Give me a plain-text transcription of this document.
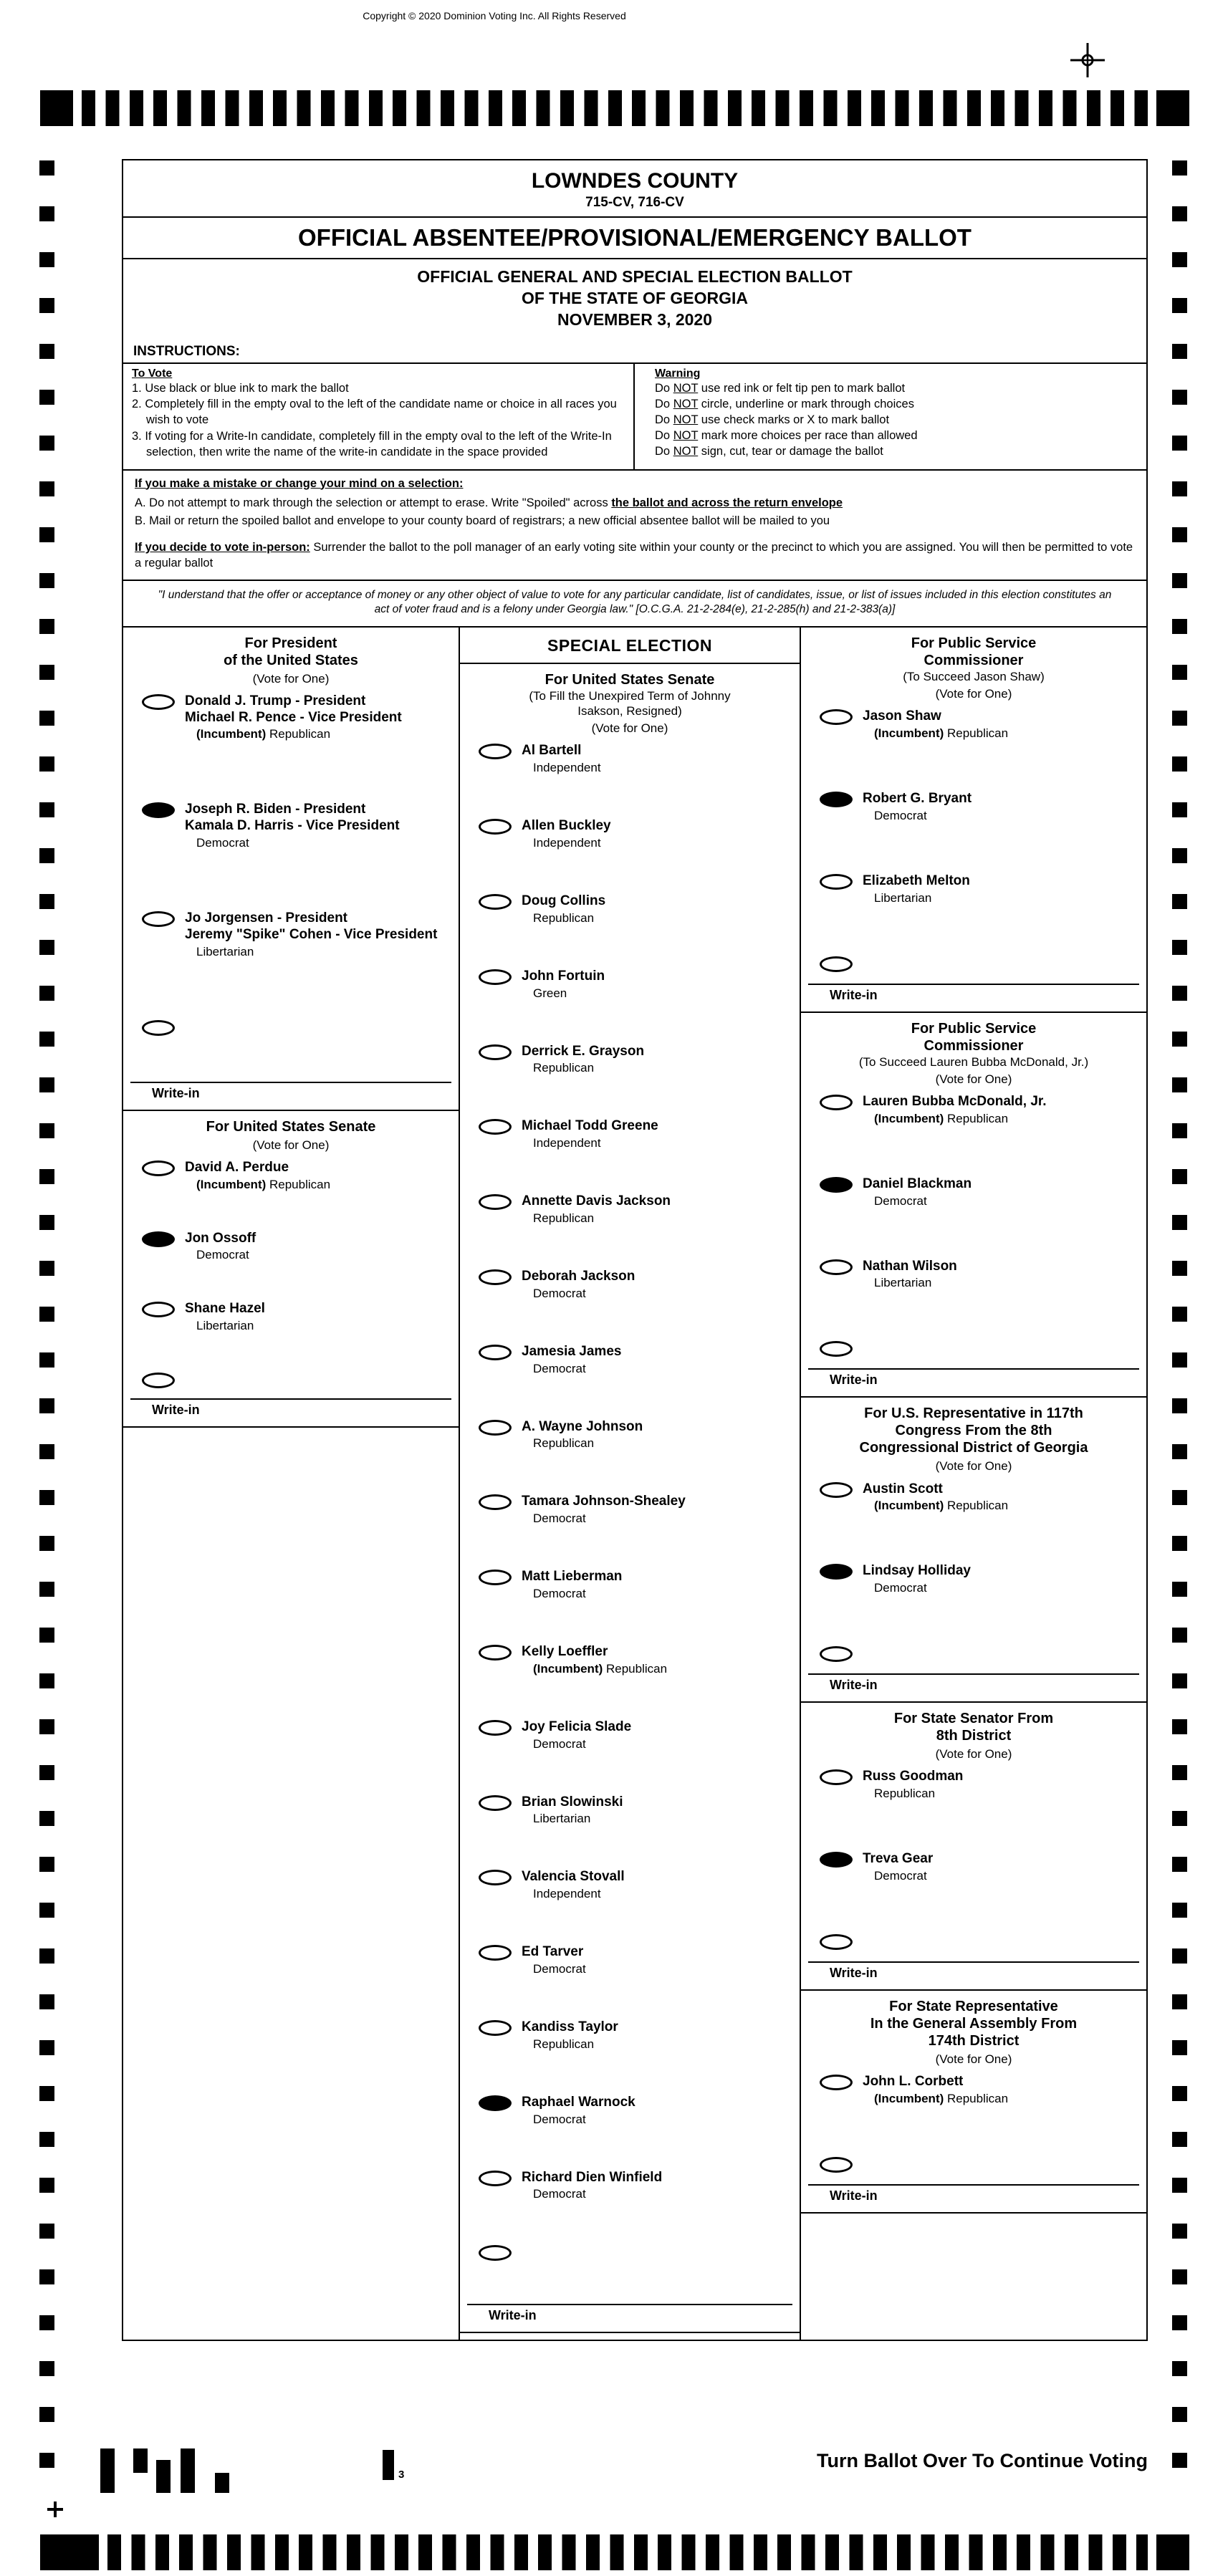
Copyright © 2020 Dominion Voting Inc. All Rights Reserved
LOWNDES COUNTY
715-CV, 716-CV
OFFICIAL ABSENTEE/PROVISIONAL/EMERGENCY BALLOT
OFFICIAL GENERAL AND SPECIAL ELECTION BALLOT
OF THE STATE OF GEORGIA
NOVEMBER 3, 2020
INSTRUCTIONS:
To Vote
1. Use black or blue ink to mark the ballot
2. Completely fill in the empty oval to the left of the candidate name or choice in all races you wish to vote
3. If voting for a Write-In candidate, completely fill in the empty oval to the left of the Write-In selection, then write the name of the write-in candidate in the space provided
Warning
Do NOT use red ink or felt tip pen to mark ballot
Do NOT circle, underline or mark through choices
Do NOT use check marks or X to mark ballot
Do NOT mark more choices per race than allowed
Do NOT sign, cut, tear or damage the ballot
If you make a mistake or change your mind on a selection:
A. Do not attempt to mark through the selection or attempt to erase. Write "Spoiled" across the ballot and across the return envelope
B. Mail or return the spoiled ballot and envelope to your county board of registrars; a new official absentee ballot will be mailed to you
If you decide to vote in-person: Surrender the ballot to the poll manager of an early voting site within your county or the precinct to which you are assigned. You will then be permitted to vote a regular ballot
"I understand that the offer or acceptance of money or any other object of value to vote for any particular candidate, list of candidates, issue, or list of issues included in this election constitutes an act of voter fraud and is a felony under Georgia law." [O.C.G.A. 21-2-284(e), 21-2-285(h) and 21-2-383(a)]
For President
of the United States
(Vote for One)
Donald J. Trump - President
Michael R. Pence - Vice President
(Incumbent) Republican
Joseph R. Biden - President
Kamala D. Harris - Vice President
Democrat
Jo Jorgensen - President
Jeremy "Spike" Cohen - Vice President
Libertarian
Write-in
For United States Senate
(Vote for One)
David A. Perdue
(Incumbent) Republican
Jon Ossoff
Democrat
Shane Hazel
Libertarian
Write-in
SPECIAL ELECTION
For United States Senate
(To Fill the Unexpired Term of Johnny
Isakson, Resigned)
(Vote for One)
Al Bartell
Independent
Allen Buckley
Independent
Doug Collins
Republican
John Fortuin
Green
Derrick E. Grayson
Republican
Michael Todd Greene
Independent
Annette Davis Jackson
Republican
Deborah Jackson
Democrat
Jamesia James
Democrat
A. Wayne Johnson
Republican
Tamara Johnson-Shealey
Democrat
Matt Lieberman
Democrat
Kelly Loeffler
(Incumbent) Republican
Joy Felicia Slade
Democrat
Brian Slowinski
Libertarian
Valencia Stovall
Independent
Ed Tarver
Democrat
Kandiss Taylor
Republican
Raphael Warnock
Democrat
Richard Dien Winfield
Democrat
Write-in
For Public Service
Commissioner
(To Succeed Jason Shaw)
(Vote for One)
Jason Shaw
(Incumbent) Republican
Robert G. Bryant
Democrat
Elizabeth Melton
Libertarian
Write-in
For Public Service
Commissioner
(To Succeed Lauren Bubba McDonald, Jr.)
(Vote for One)
Lauren Bubba McDonald, Jr.
(Incumbent) Republican
Daniel Blackman
Democrat
Nathan Wilson
Libertarian
Write-in
For U.S. Representative in 117th
Congress From the 8th
Congressional District of Georgia
(Vote for One)
Austin Scott
(Incumbent) Republican
Lindsay Holliday
Democrat
Write-in
For State Senator From
8th District
(Vote for One)
Russ Goodman
Republican
Treva Gear
Democrat
Write-in
For State Representative
In the General Assembly From
174th District
(Vote for One)
John L. Corbett
(Incumbent) Republican
Write-in
Turn Ballot Over To Continue Voting
3
